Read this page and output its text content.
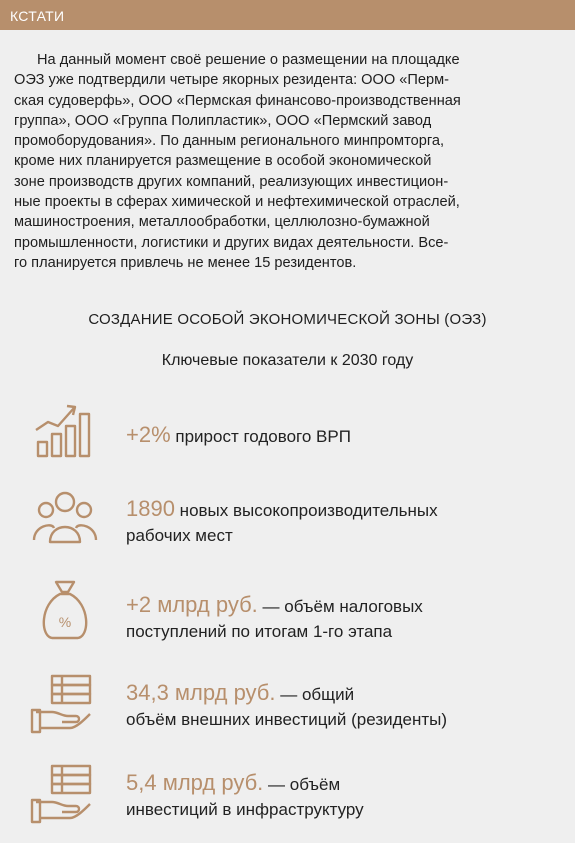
КСТАТИ

На данный момент своё решение о размещении на площадке
ОЭЗ уже подтвердили четыре якорных резидента: ООО «Перм-
ская судоверфь», ООО «Пермская финансово-производственная
группа», ООО «Группа Полипластик», ООО «Пермский завод
промоборудования». По данным регионального минпромторга,
кроме них планируется размещение в особой экономической
зоне производств других компаний, реализующих инвестицион-
ные проекты в сферах химической и нефтехимической отраслей,
машиностроения, металлообработки, целлюлозно-бумажной
промышленности, логистики и других видах деятельности. Все-
го планируется привлечь не менее 15 резидентов.

СОЗДАНИЕ ОСОБОЙ ЭКОНОМИЧЕСКОЙ ЗОНЫ (ОЭЗ)
Ключевые показатели к 2030 году
+2% прирост годового ВРП
1890 новых высокопроизводительных
рабочих мест
%
+2 млрд руб. — объём налоговых
поступлений по итогам 1-го этапа
34,3 млрд руб. — общий
объём внешних инвестиций (резиденты)
5,4 млрд руб. — объём
инвестиций в инфраструктуру
